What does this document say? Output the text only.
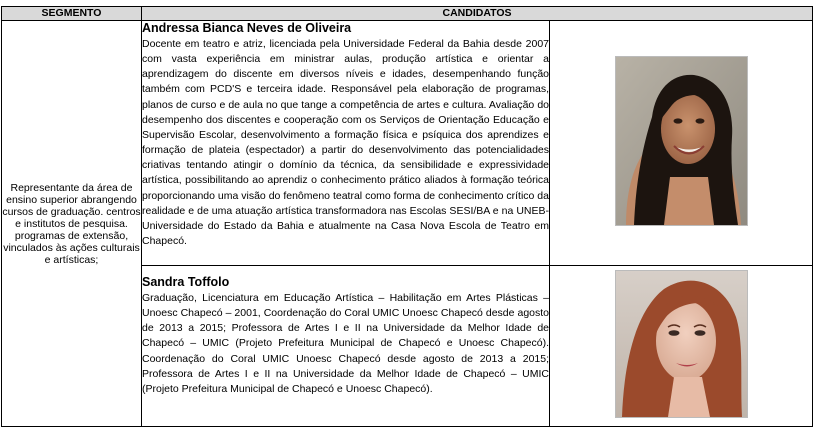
SEGMENTO	CANDIDATOS	
Representante da área de ensino superior abrangendo cursos de graduação. centros e institutos de pesquisa. programas de extensão, vinculados às ações culturais e artísticas;	Andressa Bianca Neves de Oliveira

Docente em teatro e atriz, licenciada pela Universidade Federal da Bahia desde 2007 com vasta experiência em ministrar aulas, produção artística e orientar a aprendizagem do discente em diversos níveis e idades, desempenhando função também com PCD'S e terceira idade. Responsável pela elaboração de programas, planos de curso e de aula no que tange a competência de artes e cultura. Avaliação do desempenho dos discentes e cooperação com os Serviços de Orientação Educação e Supervisão Escolar, desenvolvimento a formação física e psíquica dos aprendizes e formação de plateia (espectador) a partir do desenvolvimento das potencialidades criativas tentando atingir o domínio da técnica, da sensibilidade e expressividade artística, possibilitando ao aprendiz o conhecimento prático aliados à formação teórica proporcionando uma visão do fenômeno teatral como forma de conhecimento crítico da realidade e de uma atuação artística transformadora nas Escolas SESI/BA e na UNEB- Universidade do Estado da Bahia e atualmente na Casa Nova Escola de Teatro em Chapecó.

	Sandra Toffolo

Graduação, Licenciatura em Educação Artística – Habilitação em Artes Plásticas – Unoesc Chapecó – 2001, Coordenação do Coral UMIC Unoesc Chapecó desde agosto de 2013 a 2015; Professora de Artes I e II na Universidade da Melhor Idade de Chapecó – UMIC (Projeto Prefeitura Municipal de Chapecó e Unoesc Chapecó). Coordenação do Coral UMIC Unoesc Chapecó desde agosto de 2013 a 2015; Professora de Artes I e II na Universidade da Melhor Idade de Chapecó – UMIC (Projeto Prefeitura Municipal de Chapecó e Unoesc Chapecó).
